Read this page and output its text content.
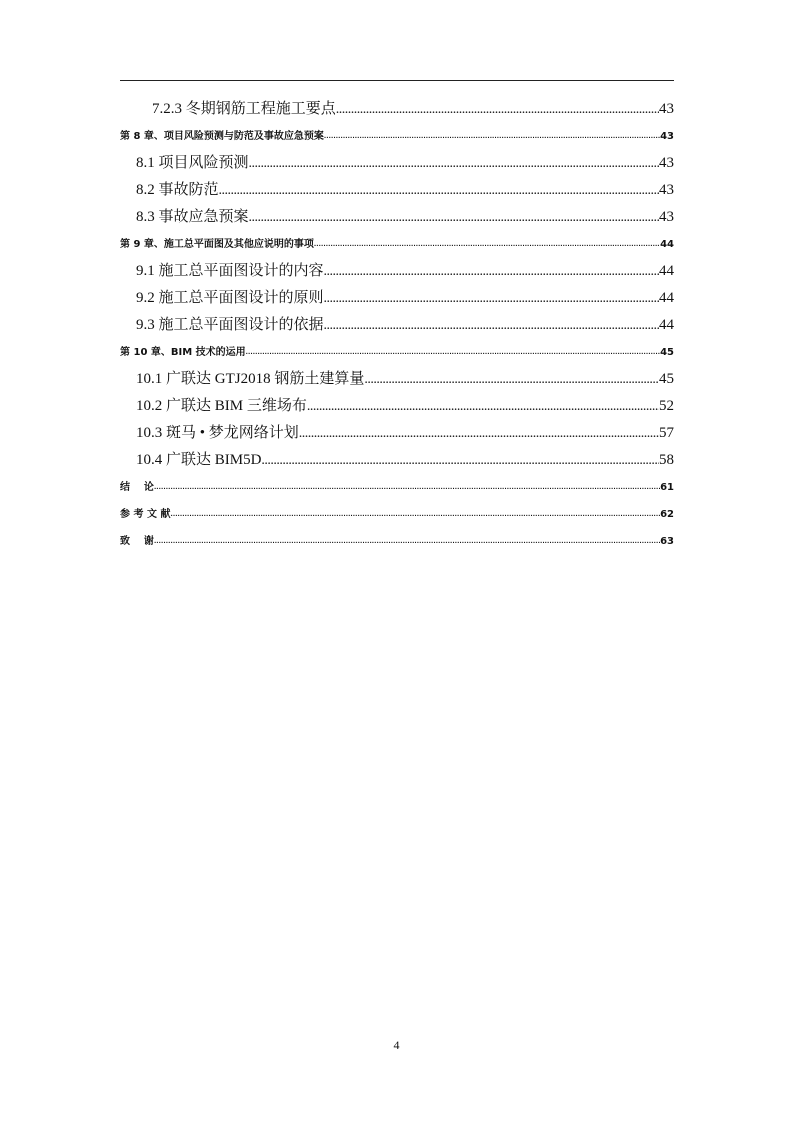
7.2.3 冬期钢筋工程施工要点 . . .	43
第 8 章、项目风险预测与防范及事故应急预案 . . .	43
8.1 项目风险预测 . . .	43
8.2 事故防范 . . .	43
8.3 事故应急预案 . . .	43
第 9 章、施工总平面图及其他应说明的事项 . . .	44
9.1 施工总平面图设计的内容 . . .	44
9.2 施工总平面图设计的原则 . . .	44
9.3 施工总平面图设计的依据 . . .	44
第 10 章、BIM 技术的运用 . . .	45
10.1 广联达 GTJ2018 钢筋土建算量 . . .	45
10.2 广联达 BIM 三维场布 . . .	52
10.3 斑马 • 梦龙网络计划 . . .	57
10.4 广联达 BIM5D . . .	58
结    论 . . .	61
参 考 文 献 . . .	62
致    谢 . . .	63
4
